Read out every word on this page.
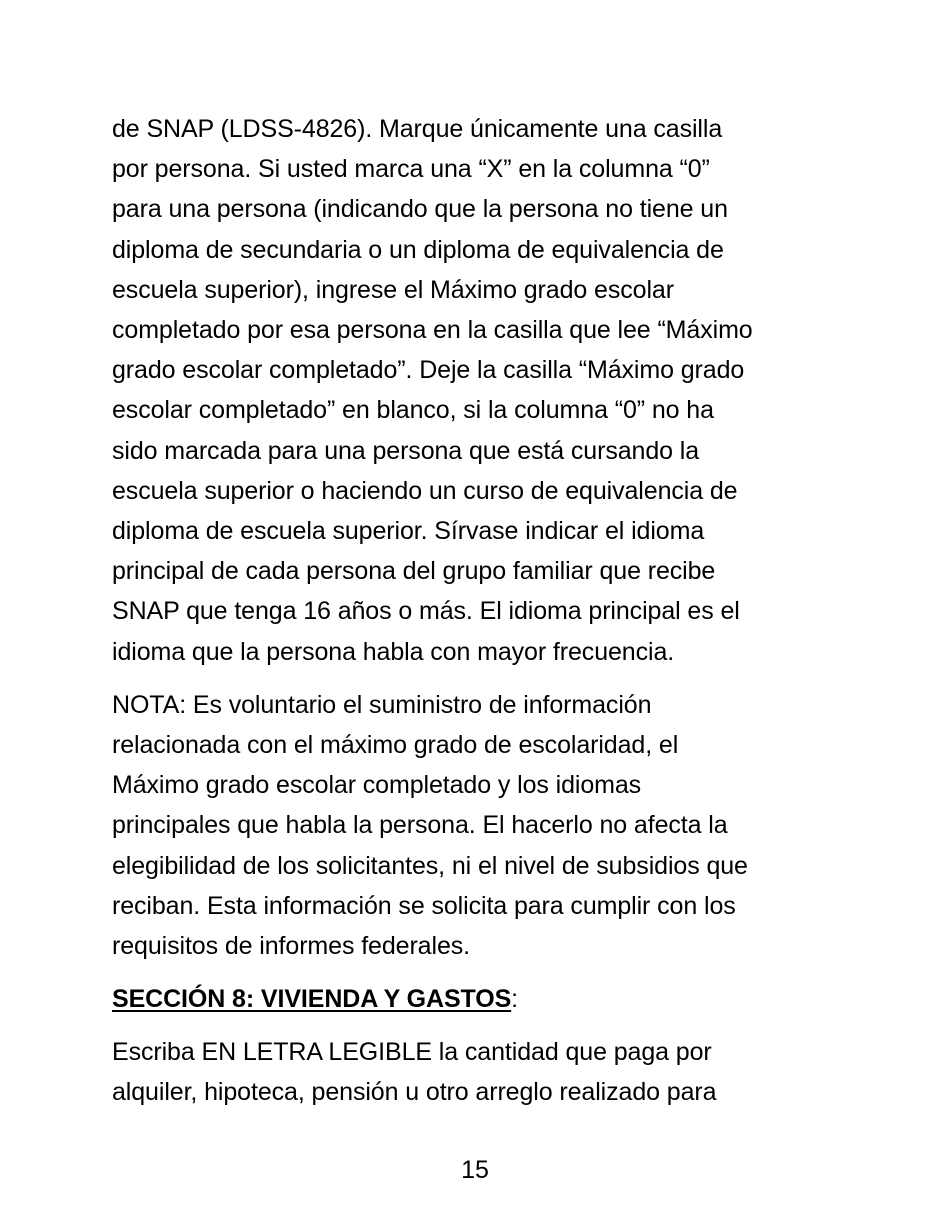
de SNAP (LDSS-4826). Marque únicamente una casilla
por persona. Si usted marca una “X” en la columna “0”
para una persona (indicando que la persona no tiene un
diploma de secundaria o un diploma de equivalencia de
escuela superior), ingrese el Máximo grado escolar
completado por esa persona en la casilla que lee “Máximo
grado escolar completado”. Deje la casilla “Máximo grado
escolar completado” en blanco, si la columna “0” no ha
sido marcada para una persona que está cursando la
escuela superior o haciendo un curso de equivalencia de
diploma de escuela superior. Sírvase indicar el idioma
principal de cada persona del grupo familiar que recibe
SNAP que tenga 16 años o más. El idioma principal es el
idioma que la persona habla con mayor frecuencia.
NOTA: Es voluntario el suministro de información
relacionada con el máximo grado de escolaridad, el
Máximo grado escolar completado y los idiomas
principales que habla la persona. El hacerlo no afecta la
elegibilidad de los solicitantes, ni el nivel de subsidios que
reciban. Esta información se solicita para cumplir con los
requisitos de informes federales.
SECCIÓN 8: VIVIENDA Y GASTOS:
Escriba EN LETRA LEGIBLE la cantidad que paga por
alquiler, hipoteca, pensión u otro arreglo realizado para
15
